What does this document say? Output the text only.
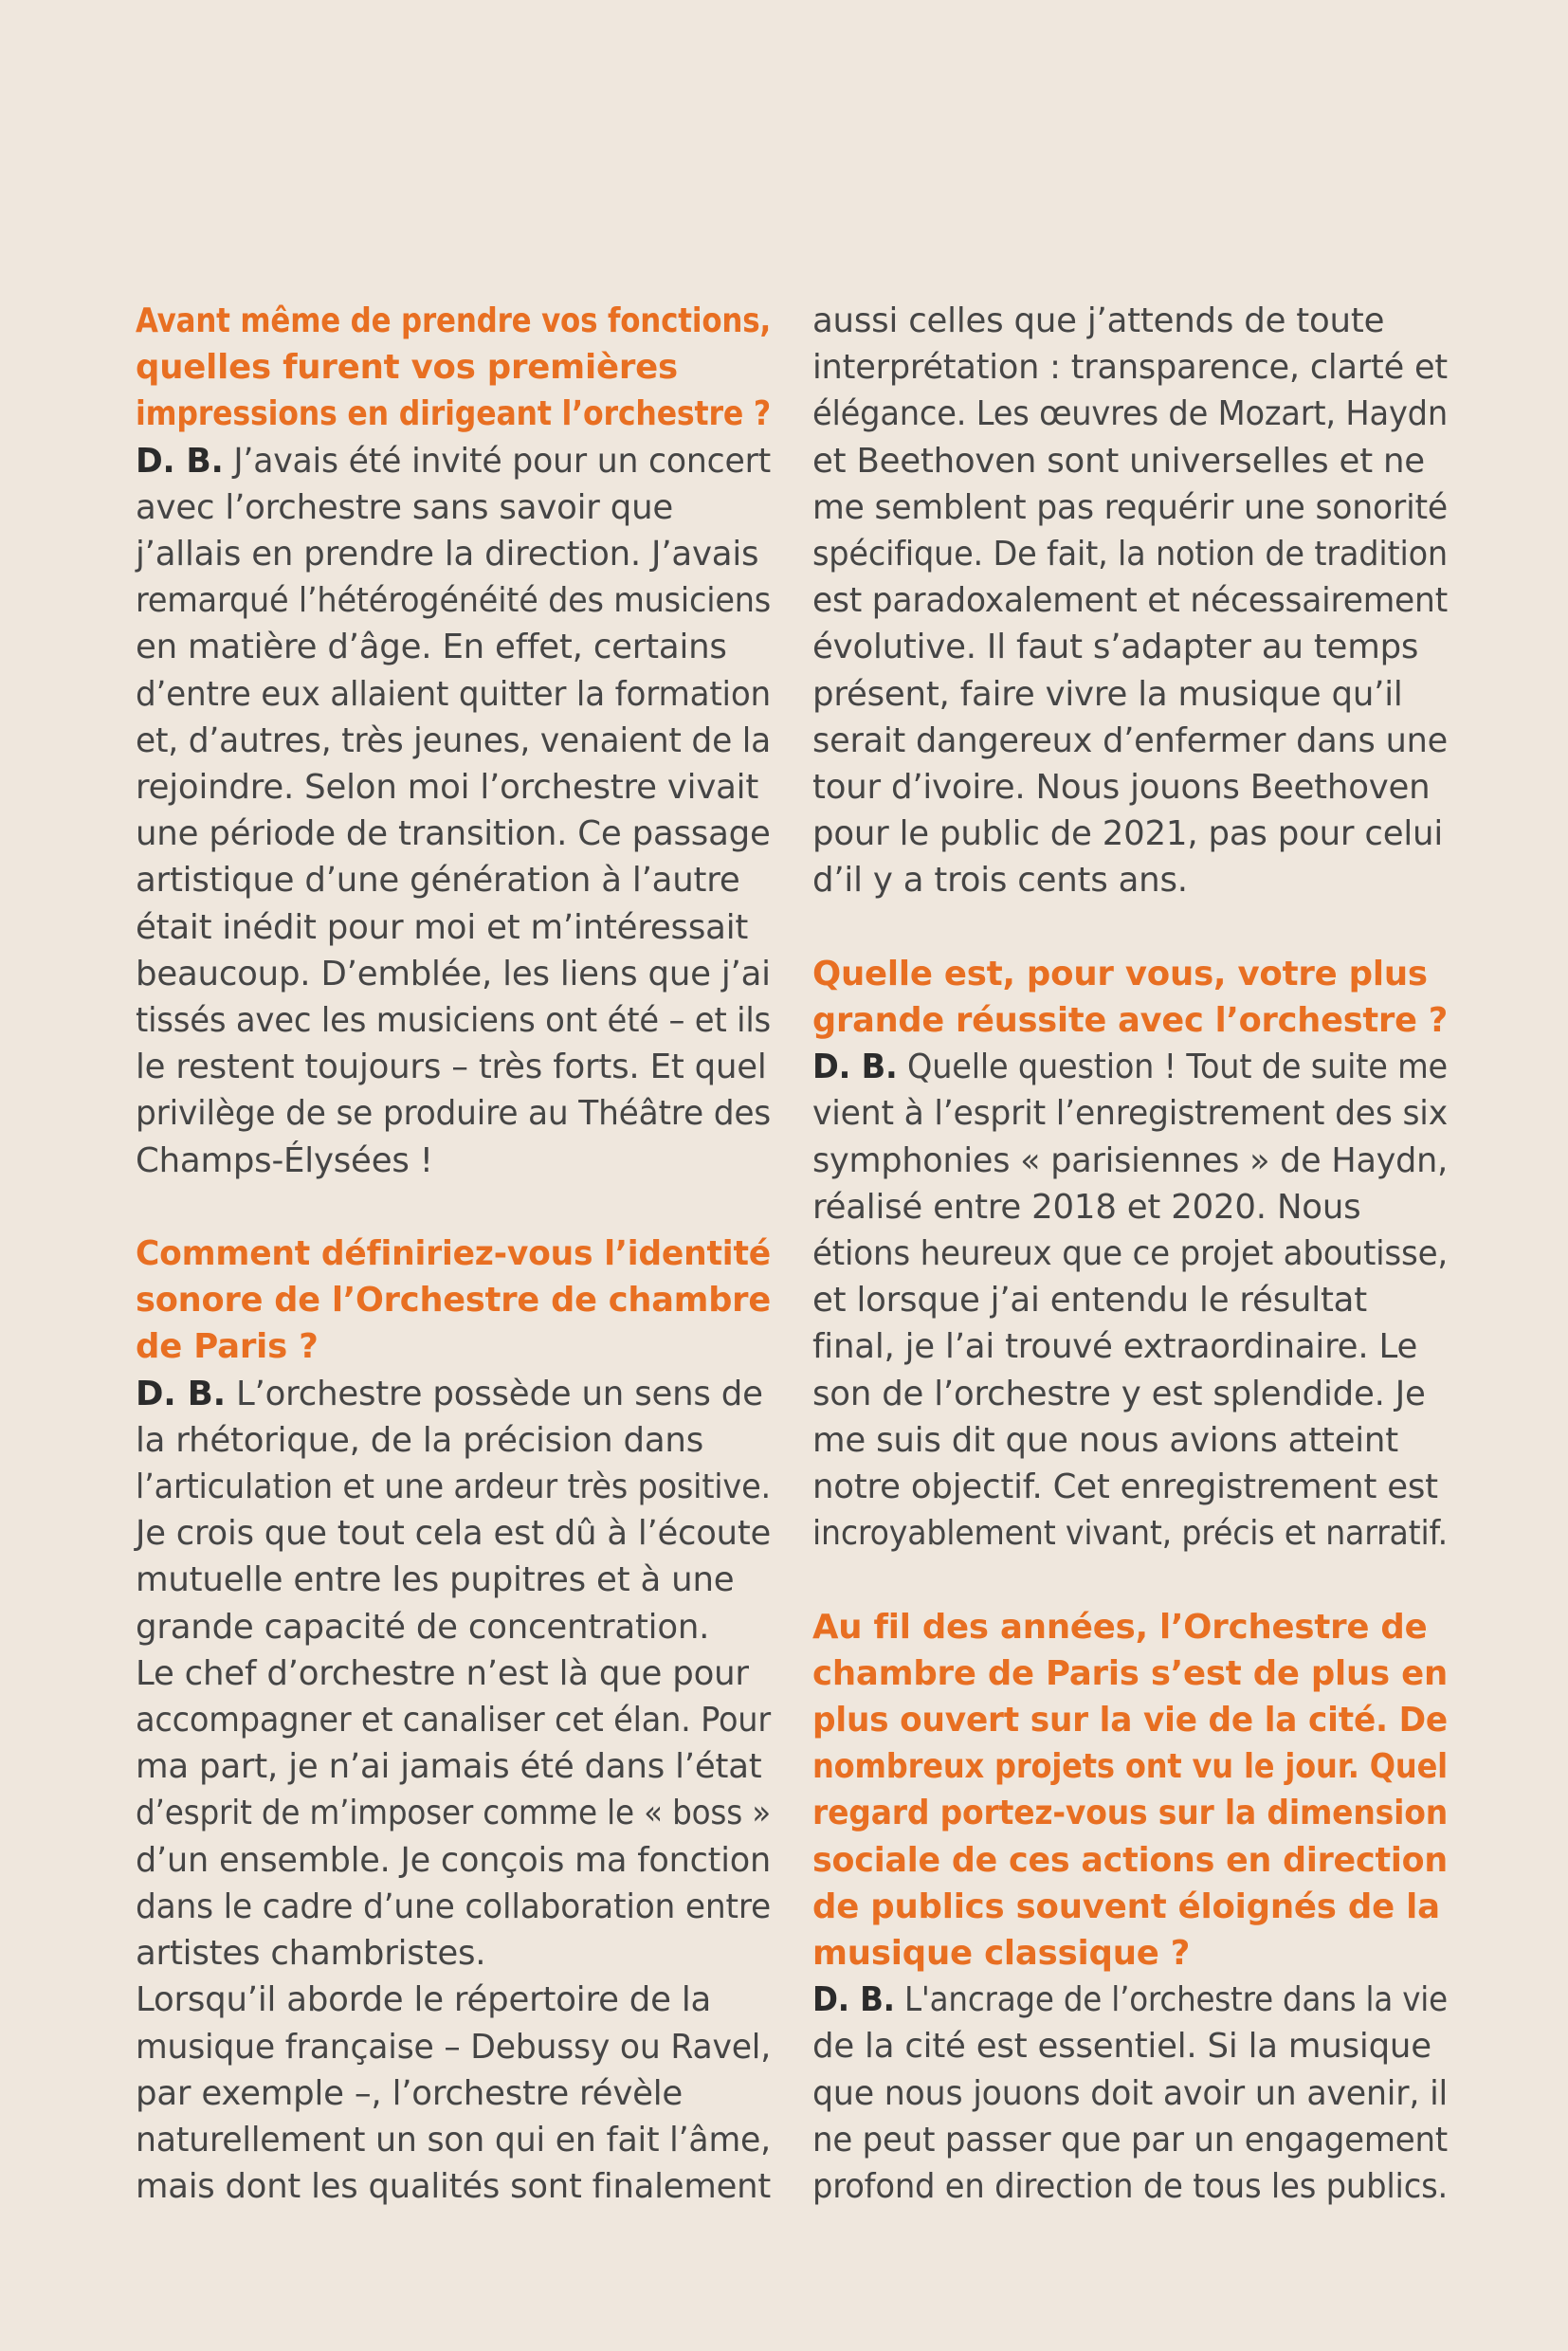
Avant même de prendre vos fonctions,
quelles furent vos premières
impressions en dirigeant l’orchestre ?
D. B. J’avais été invité pour un concert
avec l’orchestre sans savoir que
j’allais en prendre la direction. J’avais
remarqué l’hétérogénéité des musiciens
en matière d’âge. En effet, certains
d’entre eux allaient quitter la formation
et, d’autres, très jeunes, venaient de la
rejoindre. Selon moi l’orchestre vivait
une période de transition. Ce passage
artistique d’une génération à l’autre
était inédit pour moi et m’intéressait
beaucoup. D’emblée, les liens que j’ai
tissés avec les musiciens ont été – et ils
le restent toujours – très forts. Et quel
privilège de se produire au Théâtre des
Champs-Élysées !
Comment définiriez-vous l’identité
sonore de l’Orchestre de chambre
de Paris ?
D. B. L’orchestre possède un sens de
la rhétorique, de la précision dans
l’articulation et une ardeur très positive.
Je crois que tout cela est dû à l’écoute
mutuelle entre les pupitres et à une
grande capacité de concentration.
Le chef d’orchestre n’est là que pour
accompagner et canaliser cet élan. Pour
ma part, je n’ai jamais été dans l’état
d’esprit de m’imposer comme le « boss »
d’un ensemble. Je conçois ma fonction
dans le cadre d’une collaboration entre
artistes chambristes.
Lorsqu’il aborde le répertoire de la
musique française – Debussy ou Ravel,
par exemple –, l’orchestre révèle
naturellement un son qui en fait l’âme,
mais dont les qualités sont finalement
aussi celles que j’attends de toute
interprétation : transparence, clarté et
élégance. Les œuvres de Mozart, Haydn
et Beethoven sont universelles et ne
me semblent pas requérir une sonorité
spécifique. De fait, la notion de tradition
est paradoxalement et nécessairement
évolutive. Il faut s’adapter au temps
présent, faire vivre la musique qu’il
serait dangereux d’enfermer dans une
tour d’ivoire. Nous jouons Beethoven
pour le public de 2021, pas pour celui
d’il y a trois cents ans.
Quelle est, pour vous, votre plus
grande réussite avec l’orchestre ?
D. B. Quelle question ! Tout de suite me
vient à l’esprit l’enregistrement des six
symphonies « parisiennes » de Haydn,
réalisé entre 2018 et 2020. Nous
étions heureux que ce projet aboutisse,
et lorsque j’ai entendu le résultat
final, je l’ai trouvé extraordinaire. Le
son de l’orchestre y est splendide. Je
me suis dit que nous avions atteint
notre objectif. Cet enregistrement est
incroyablement vivant, précis et narratif.
Au fil des années, l’Orchestre de
chambre de Paris s’est de plus en
plus ouvert sur la vie de la cité. De
nombreux projets ont vu le jour. Quel
regard portez-vous sur la dimension
sociale de ces actions en direction
de publics souvent éloignés de la
musique classique ?
D. B. L'ancrage de l’orchestre dans la vie
de la cité est essentiel. Si la musique
que nous jouons doit avoir un avenir, il
ne peut passer que par un engagement
profond en direction de tous les publics.
